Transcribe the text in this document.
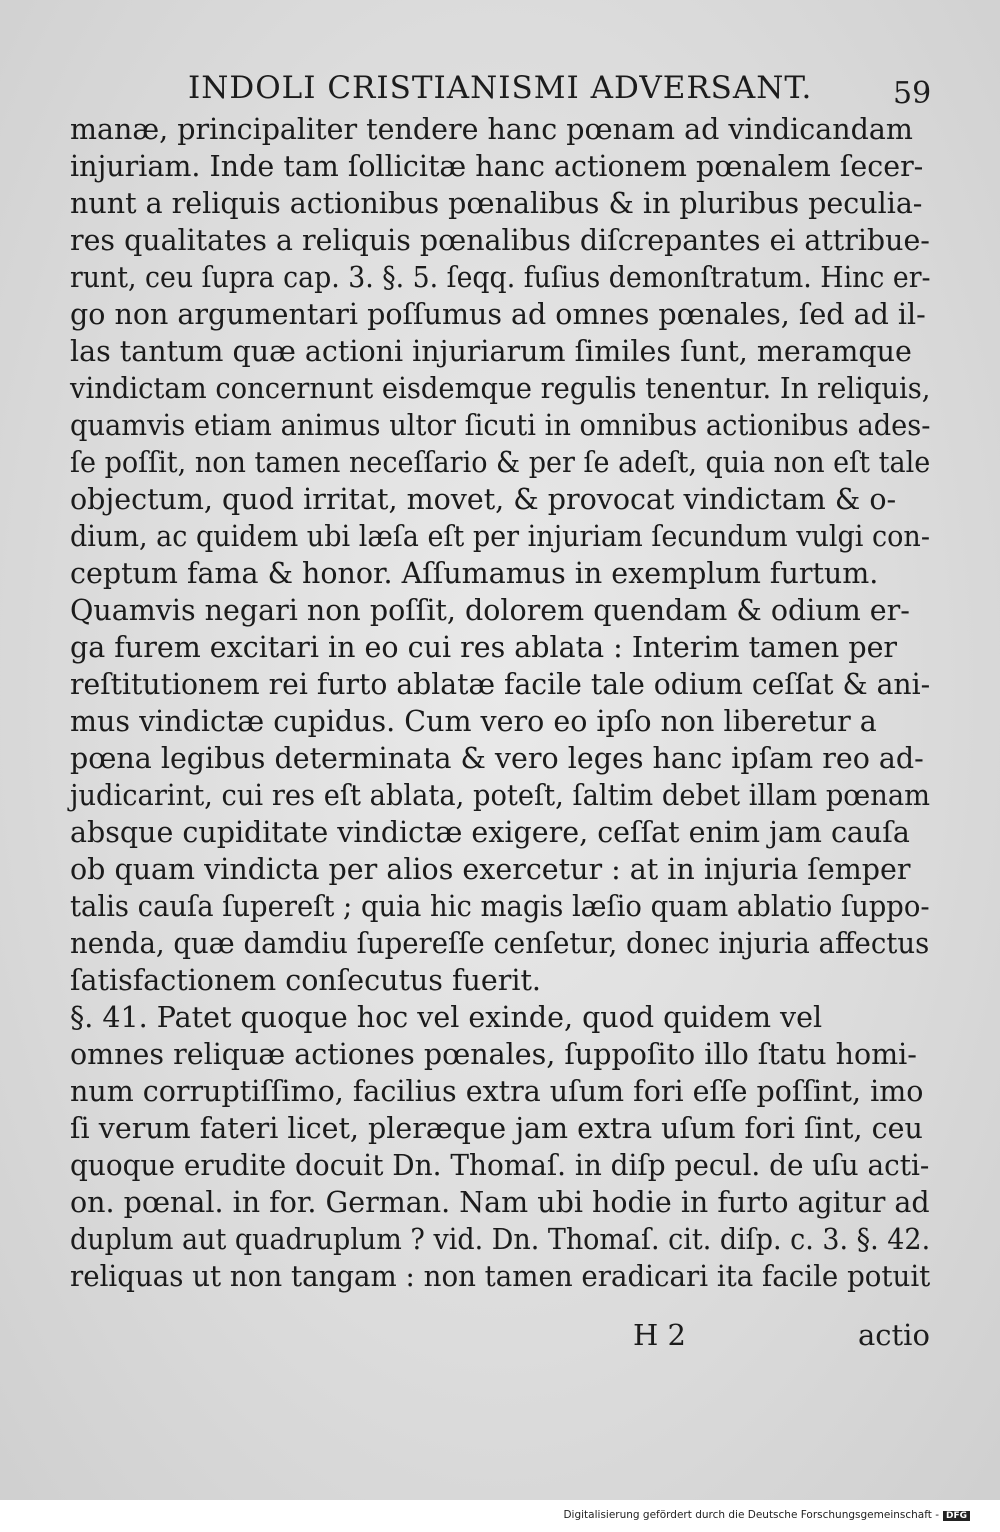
INDOLI CRISTIANISMI ADVERSANT.	59
manæ, principaliter tendere hanc pœnam ad vindicandam
injuriam. Inde tam ſollicitæ hanc actionem pœnalem ſecer-
nunt a reliquis actionibus pœnalibus & in pluribus peculia-
res qualitates a reliquis pœnalibus diſcrepantes ei attribue-
runt, ceu ſupra cap. 3. §. 5. ſeqq. fuſius demonſtratum. Hinc er-
go non argumentari poſſumus ad omnes pœnales, ſed ad il-
las tantum quæ actioni injuriarum ſimiles ſunt, meramque
vindictam concernunt eisdemque regulis tenentur. In reliquis,
quamvis etiam animus ultor ſicuti in omnibus actionibus ades-
ſe poſſit, non tamen neceſſario & per ſe adeſt, quia non eſt tale
objectum, quod irritat, movet, & provocat vindictam & o-
dium, ac quidem ubi læſa eſt per injuriam ſecundum vulgi con-
ceptum fama & honor. Aſſumamus in exemplum furtum.
Quamvis negari non poſſit, dolorem quendam & odium er-
ga furem excitari in eo cui res ablata : Interim tamen per
reſtitutionem rei furto ablatæ facile tale odium ceſſat & ani-
mus vindictæ cupidus. Cum vero eo ipſo non liberetur a
pœna legibus determinata & vero leges hanc ipſam reo ad-
judicarint, cui res eſt ablata, poteſt, ſaltim debet illam pœnam
absque cupiditate vindictæ exigere, ceſſat enim jam cauſa
ob quam vindicta per alios exercetur : at in injuria ſemper
talis cauſa ſupereſt ; quia hic magis læſio quam ablatio ſuppo-
nenda, quæ damdiu ſupereſſe cenſetur, donec injuria affectus
ſatisfactionem conſecutus fuerit.
§. 41. Patet quoque hoc vel exinde, quod quidem vel
omnes reliquæ actiones pœnales, ſuppoſito illo ſtatu homi-
num corruptiſſimo, facilius extra uſum fori eſſe poſſint, imo
ſi verum fateri licet, pleræque jam extra uſum fori ſint, ceu
quoque erudite docuit Dn. Thomaſ. in diſp pecul. de uſu acti-
on. pœnal. in for. German. Nam ubi hodie in furto agitur ad
duplum aut quadruplum ? vid. Dn. Thomaſ. cit. diſp. c. 3. §. 42.
reliquas ut non tangam : non tamen eradicari ita facile potuit
H 2	actio
Digitalisierung gefördert durch die Deutsche Forschungsgemeinschaft - DFG
